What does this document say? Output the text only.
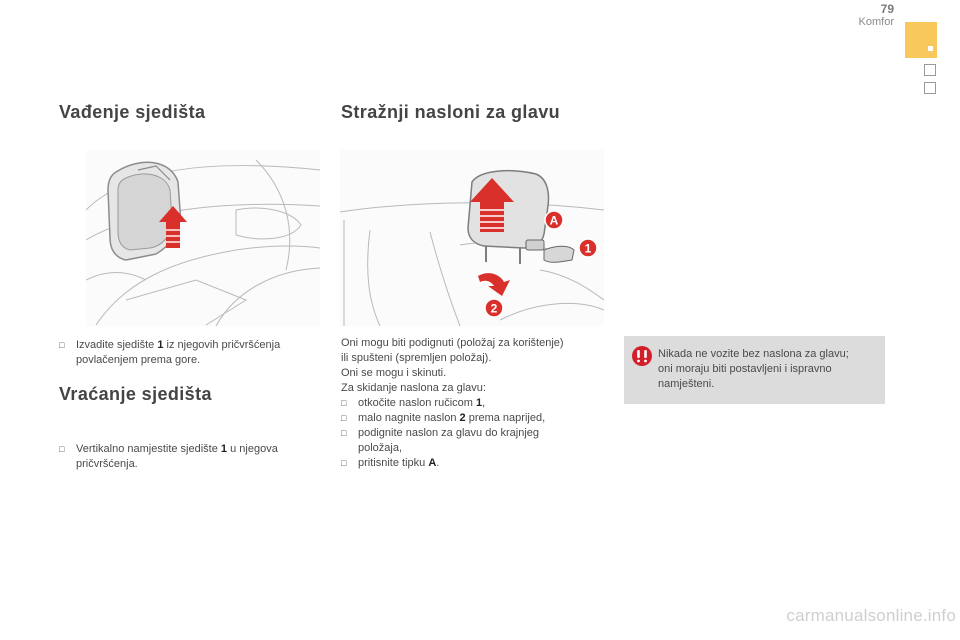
79
Komfor
Vađenje sjedišta
□ Izvadite sjedište 1 iz njegovih pričvršćenja
povlačenjem prema gore.
Vraćanje sjedišta
□ Vertikalno namjestite sjedište 1 u njegova
pričvršćenja.
Stražnji nasloni za glavu
A
1
2
Oni mogu biti podignuti (položaj za korištenje)
ili spušteni (spremljen položaj).
Oni se mogu i skinuti.
Za skidanje naslona za glavu:
□ otkočite naslon ručicom 1,
□ malo nagnite naslon 2 prema naprijed,
□ podignite naslon za glavu do krajnjeg
položaja,
□ pritisnite tipku A.
Nikada ne vozite bez naslona za glavu;
oni moraju biti postavljeni i ispravno
namješteni.
carmanualsonline.info
